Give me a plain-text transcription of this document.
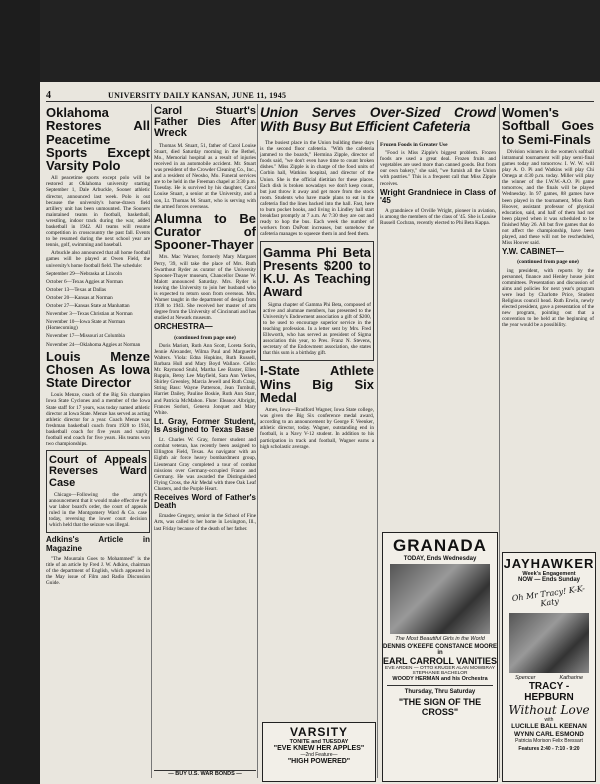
4	UNIVERSITY DAILY KANSAN, JUNE 11, 1945
Oklahoma Restores All Peacetime Sports Except Varsity Polo

All peacetime sports except polo will be restored at Oklahoma university starting September 1, Dale Arbuckle, Sooner athletic director, announced last week. Polo is out because the university's horse-drawn field artillery unit has been unmounted. The Sooners maintained teams in football, basketball, wrestling, indoor track during the war, added basketball in 1942. All teams will resume competition in crosscountry the past fall. Events to be resumed during the next school year are tennis, golf, swimming and baseball.

Arbuckle also announced that all home football games will be played at Owen Field, the university's home football field. The schedule:

September 29—Nebraska at Lincoln

October 6—Texas Aggies at Norman

October 13—Texas at Dallas

October 20—Kansas at Norman

October 27—Kansas State at Manhattan

November 3—Texas Christian at Norman

November 10—Iowa State at Norman (Homecoming)

November 17—Missouri at Columbia

November 24—Oklahoma Aggies at Norman

Louis Menze Chosen As Iowa State Director

Louis Menze, coach of the Big Six champion Iowa State Cyclones and a member of the Iowa State staff for 17 years, was today named athletic director at Iowa State. Menze has served as acting athletic director for a year. Coach Menze was freshman basketball coach from 1928 to 1934, basketball coach for five years and varsity football end coach for five years. His teams won two championships.

Court of Appeals Reverses Ward Case

Chicago—Following the army's announcement that it would make effective the war labor board's order, the court of appeals ruled in the Montgomery Ward & Co. case today, reversing the lower court decision which held that the seizure was illegal.

Adkins's Article in Magazine

"The Mountain Goes to Mohammed" is the title of an article by Fred J. W. Adkins, chairman of the department of English, which appeared in the May issue of Film and Radio Discussion Guide.

Carol Stuart's Father Dies After Wreck

Thomas M. Stuart, 51, father of Carol Louise Stuart, died Saturday morning in the Bethel, Mo., Memorial hospital as a result of injuries received in an automobile accident. Mr. Stuart was president of the Crowder Cleaning Co., Inc., and a resident of Neosho, Mo. Funeral services are to be held in the Freeman chapel at 3:30 p.m. Tuesday. He is survived by his daughter, Carol Louise Stuart, a senior at the University, and a son, Lt. Thomas M. Stuart, who is serving with the armed forces overseas.

Alumna to Be Curator of Spooner-Thayer

Mrs. Mac Warner, formerly Mary Margaret Perry, '39, will take the place of Mrs. Ruth Swarthout Ryder as curator of the University Spooner-Thayer museum, Chancellor Deane W. Malott announced Saturday. Mrs. Ryder is leaving the University to join her husband who is expected to return soon from overseas. Mrs. Warner taught in the department of design from 1938 to 1943. She received her master of arts degree from the University of Cincinnati and has studied at Newark museum.

ORCHESTRA—
(continued from page one)

Doris Mariott, Ruth Ann Scott, Loreta Sorin, Jennie Alexander, Wilma Paul and Marguerite Walters. Viola: Edna Hopkins, Ruth Russell, Barbara Hull and Mary Boyd Wallace. Cello: Mr. Raymond Stuhl, Martha Lee Baxter, Ellen Ruppin, Betsy Lee Mayfield, Sara Ann Yerkes, Shirley Greenley, Marcia Jewell and Ruth Craig. String Bass: Wayne Patterson, Jean Turnbull, Harriet Dailey, Pauline Boskie, Ruth Ann Starr, and Patricia McMahon. Flute: Eleanor Albright, Frances Sorlori, Geneva Jonquet and Mary White.

Lt. Gray, Former Student, Is Assigned to Texas Base

Lt. Charles W. Gray, former student and combat veteran, has recently been assigned to Ellington Field, Texas. As navigator with an Eighth air force heavy bombardment group, Lieutenant Gray completed a tour of combat missions over Germany-occupied France and Germany. He was awarded the Distinguished Flying Cross, the Air Medal with three Oak Leaf Clusters, and the Purple Heart.

Receives Word of Father's Death

Emadee Gregory, senior in the School of Fine Arts, was called to her home in Lexington, Ill., last Friday because of the death of her father.

— BUY U.S. WAR BONDS —
Union Serves Over-Sized Crowd With Busy But Efficient Cafeteria

The busiest place in the Union building these days is the second floor cafeteria. "With the cafeteria jammed to the boards," Hermina Zipple, director of foods said, "we don't even have time to count broken dishes." Miss Zipple is in charge of the food units of Corbin hall, Watkins hospital, and director of the Union. She is the official dietitian for these places. Each dish is broken nowadays we don't keep count, but just throw it away and get more from the stock room. Students who have made plans to eat in the cafeteria find the lines backed into the hall. Fast, here to burn pocket books, and living in Lindley hall start breakfast promptly at 7 a.m. At 7:30 they are out and ready to hop the bus. Each week the number of workers from DuPont increases, but somehow the cafeteria manages to squeeze them in and feed them.

Gamma Phi Beta Presents $200 to K.U. As Teaching Award

Sigma chapter of Gamma Phi Beta, composed of active and alumnae members, has presented to the University's Endowment association a gift of $200, to be used to encourage superior service in the teaching profession. In a letter sent by Mrs. Fred Ellsworth, who has served as president of Sigma association this year, to Pres. Franz N. Stevens, secretary of the Endowment association, she states that this sum is a birthday gift.

I-State Athlete Wins Big Six Medal

Ames, Iowa—Bradford Wagner, Iowa State college, was given the Big Six conference medal award, according to an announcement by George F. Veenker, athletic director, today. Wagner, outstanding end in football, is a Navy V-12 student. In addition to his participation in track and football, Wagner earns a high scholastic average.

Frozen Foods in Greater Use

"Food is Miss Zipple's biggest problem. Frozen foods are used a great deal. Frozen fruits and vegetables are used more than canned goods. But from our own bakery," she said, "we furnish all the Union with pastries." This is a frequent call that Miss Zipple receives.

Wright Grandniece in Class of '45

A grandniece of Orville Wright, pioneer in aviation, is among the members of the class of '45. She is Louise Russell Cochran, recently elected to Phi Beta Kappa.

GRANADA
TODAY, Ends Wednesday
The Most Beautiful Girls in the World
DENNIS O'KEEFE CONSTANCE MOORE in
EARL CARROLL VANITIES
EVE ARDEN — OTTO KRUGER ALAN MOWBRAY STEPHANIE BACHELOR
WOODY HERMAN and his Orchestra
Thursday, Thru Saturday
"THE SIGN OF THE CROSS"
VARSITY
TONITE and TUESDAY
"EVE KNEW HER APPLES"
—2nd Feature—
"HIGH POWERED"
Women's Softball Goes to Semi-Finals

Division winners in the women's softball intramural tournament will play semi-final games today and tomorrow. I. W. W. will play A. O. Pi and Watkins will play Chi Omega at 4:30 p.m. today. Miller will play the winner of the I.W.W.-A.O. Pi game tomorrow, and the finals will be played Wednesday. In 97 games, 88 games have been played in the tournament, Miss Ruth Hoover, assistant professor of physical education, said, and half of them had not been played when it was scheduled to be finished May 26. All but five games that do not affect the championship, have been played, and these will not be rescheduled, Miss Hoover said.

Y.W. CABINET—
(continued from page one)

ing president, with reports by the personnel, finance and Henley house joint committees. Presentation and discussion of aims and policies for next year's program were lead by Charlotte Price, Student Religious council head. Ruth Erwin, newly elected president, gave a presentation of the new program, pointing out that a convention to be held at the beginning of the year would be a possibility.

JAYHAWKER
Week's Engagement
NOW — Ends Sunday
Oh Mr Tracy! K-K-Katy
Spencer	Katharine
TRACY - HEPBURN
Without Love
with
LUCILLE BALL KEENAN WYNN CARL ESMOND
Patricia Morison Felix Bressart
Features 2:40 - 7:10 - 9:20
